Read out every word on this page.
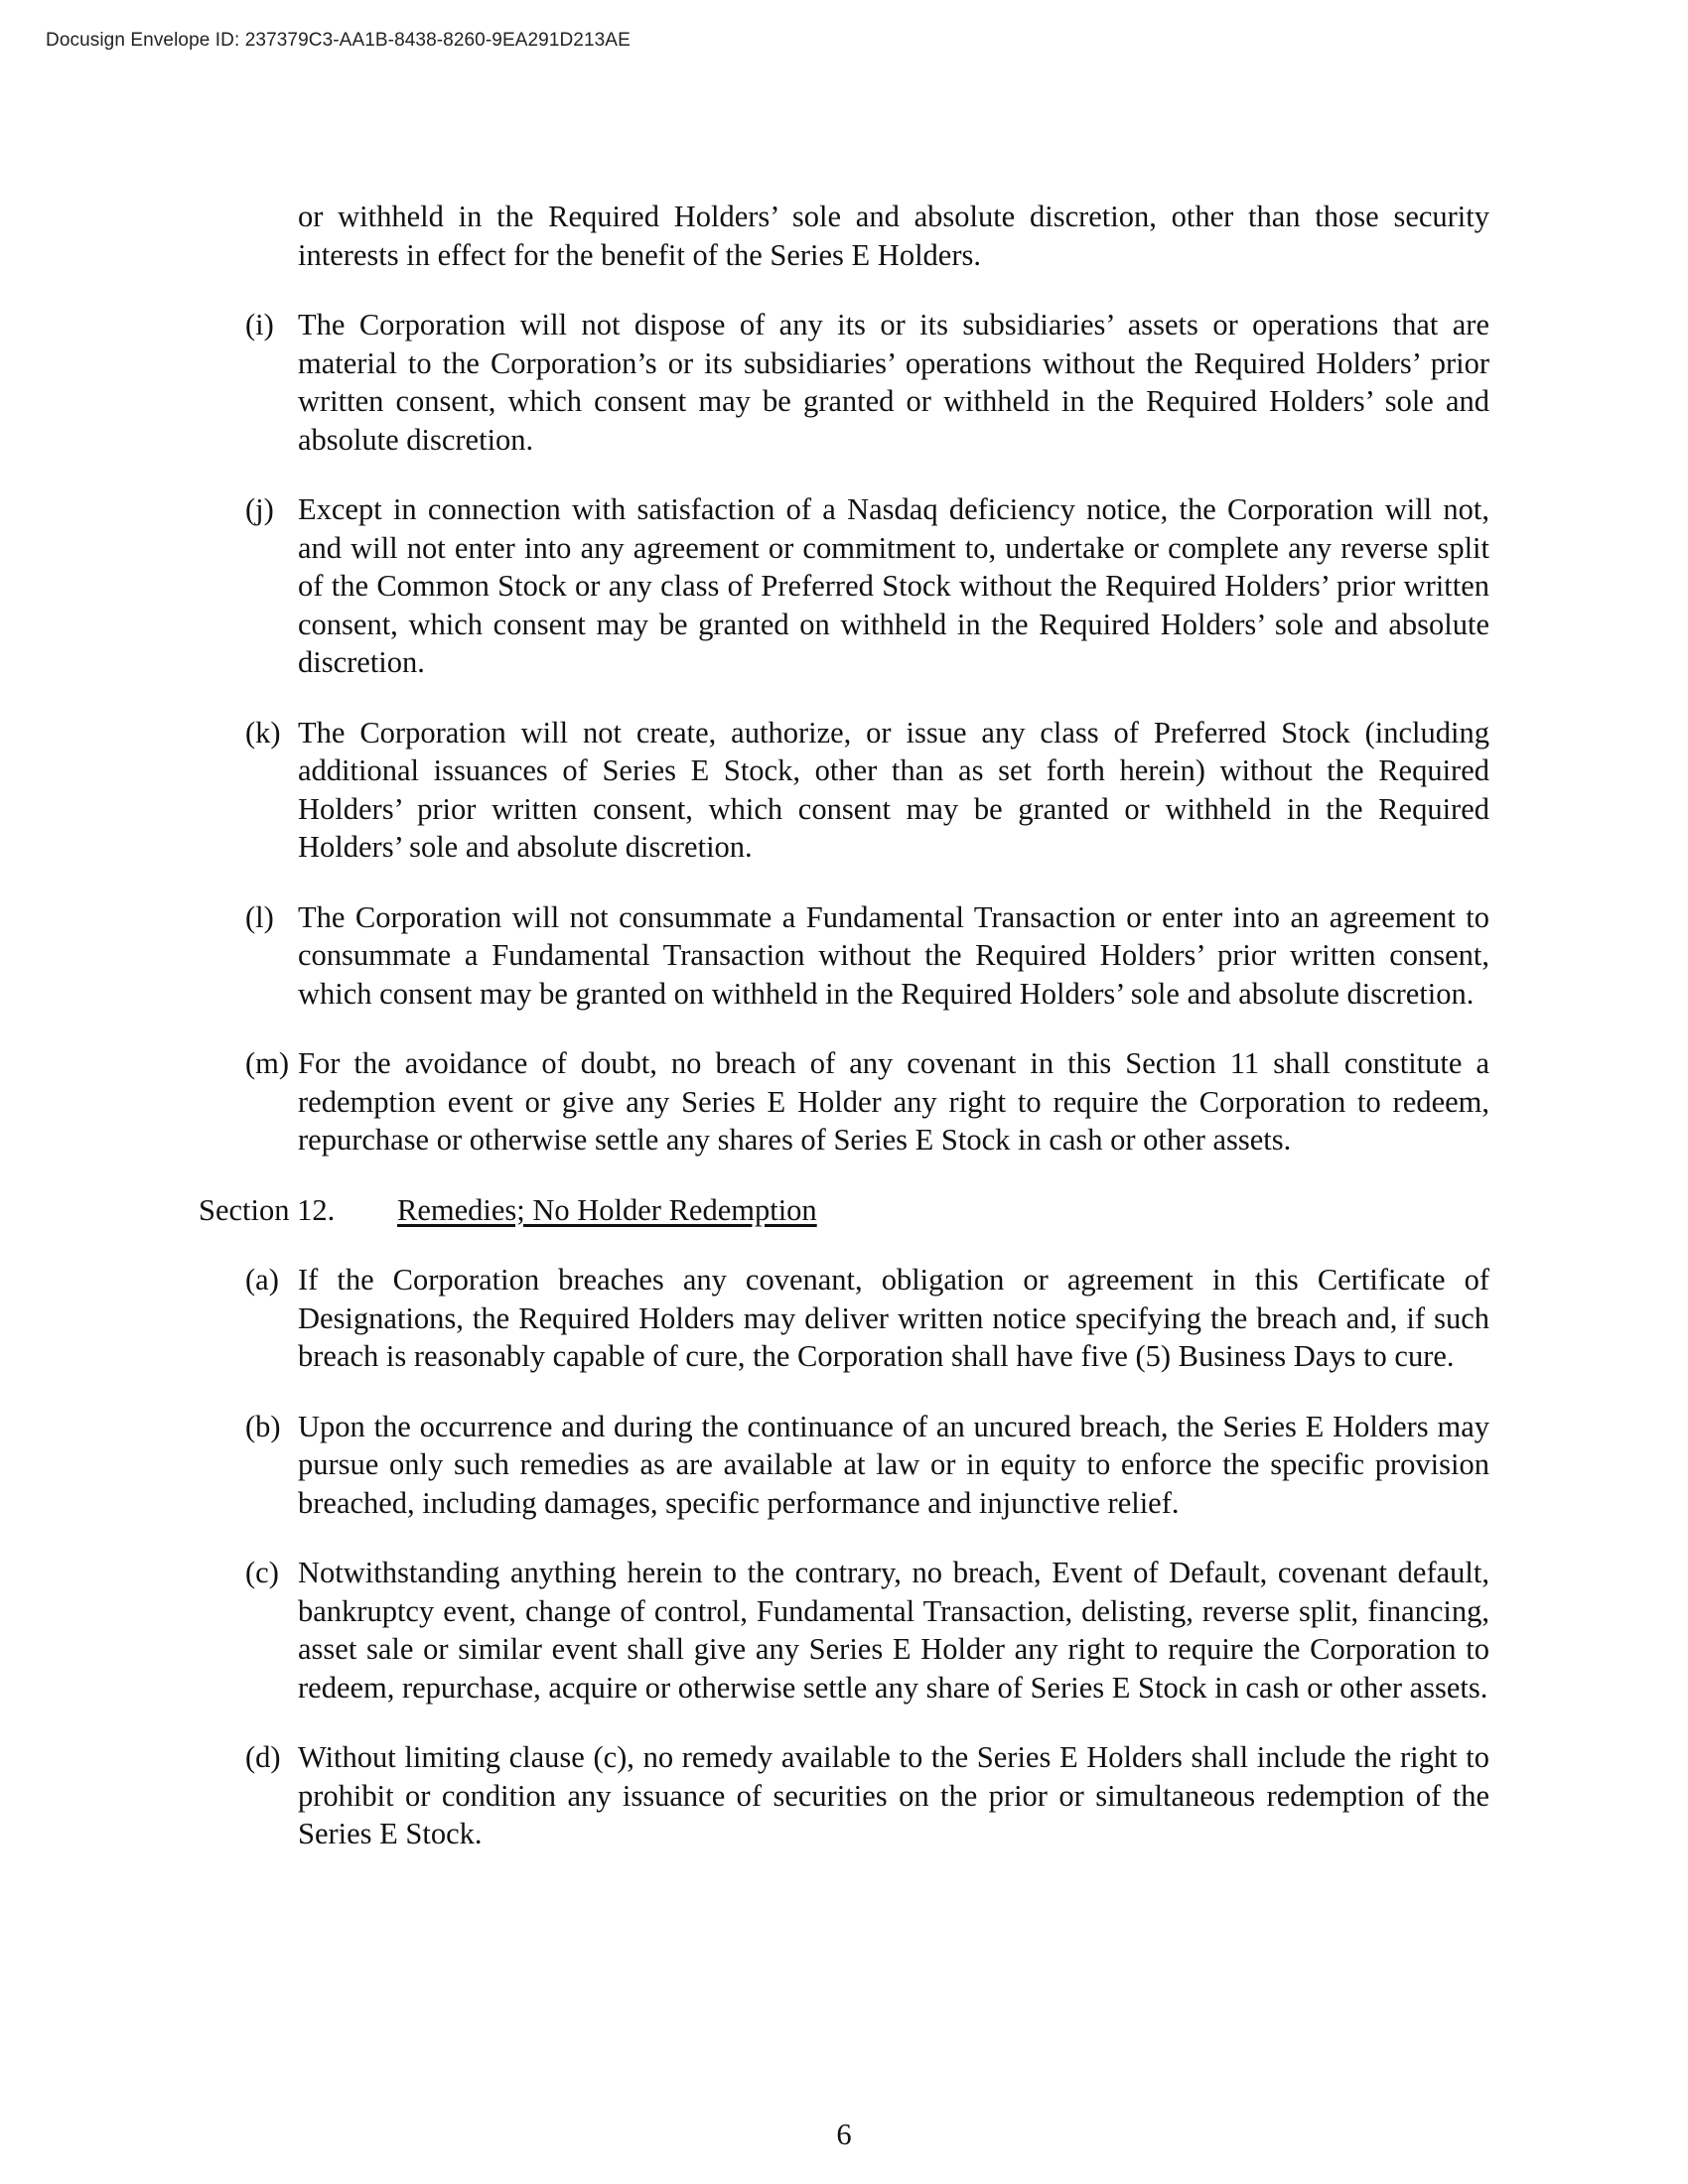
Docusign Envelope ID: 237379C3-AA1B-8438-8260-9EA291D213AE

or withheld in the Required Holders’ sole and absolute discretion, other than those security interests in effect for the benefit of the Series E Holders.

(i) The Corporation will not dispose of any its or its subsidiaries’ assets or operations that are material to the Corporation’s or its subsidiaries’ operations without the Required Holders’ prior written consent, which consent may be granted or withheld in the Required Holders’ sole and absolute discretion.
(j) Except in connection with satisfaction of a Nasdaq deficiency notice, the Corporation will not, and will not enter into any agreement or commitment to, undertake or complete any reverse split of the Common Stock or any class of Preferred Stock without the Required Holders’ prior written consent, which consent may be granted on withheld in the Required Holders’ sole and absolute discretion.
(k) The Corporation will not create, authorize, or issue any class of Preferred Stock (including additional issuances of Series E Stock, other than as set forth herein) without the Required Holders’ prior written consent, which consent may be granted or withheld in the Required Holders’ sole and absolute discretion.
(l) The Corporation will not consummate a Fundamental Transaction or enter into an agreement to consummate a Fundamental Transaction without the Required Holders’ prior written consent, which consent may be granted on withheld in the Required Holders’ sole and absolute discretion.
(m) For the avoidance of doubt, no breach of any covenant in this Section 11 shall constitute a redemption event or give any Series E Holder any right to require the Corporation to redeem, repurchase or otherwise settle any shares of Series E Stock in cash or other assets.
Section 12. Remedies; No Holder Redemption
(a) If the Corporation breaches any covenant, obligation or agreement in this Certificate of Designations, the Required Holders may deliver written notice specifying the breach and, if such breach is reasonably capable of cure, the Corporation shall have five (5) Business Days to cure.
(b) Upon the occurrence and during the continuance of an uncured breach, the Series E Holders may pursue only such remedies as are available at law or in equity to enforce the specific provision breached, including damages, specific performance and injunctive relief.
(c) Notwithstanding anything herein to the contrary, no breach, Event of Default, covenant default, bankruptcy event, change of control, Fundamental Transaction, delisting, reverse split, financing, asset sale or similar event shall give any Series E Holder any right to require the Corporation to redeem, repurchase, acquire or otherwise settle any share of Series E Stock in cash or other assets.
(d) Without limiting clause (c), no remedy available to the Series E Holders shall include the right to prohibit or condition any issuance of securities on the prior or simultaneous redemption of the Series E Stock.
6
